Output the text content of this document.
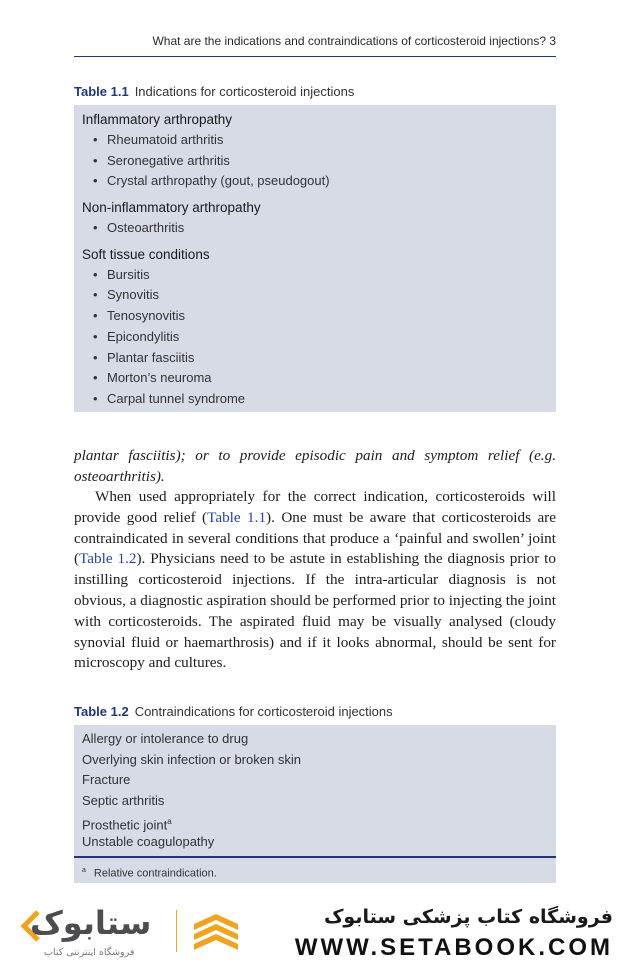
What are the indications and contraindications of corticosteroid injections? 3
Table 1.1 Indications for corticosteroid injections
Inflammatory arthropathy
• Rheumatoid arthritis
• Seronegative arthritis
• Crystal arthropathy (gout, pseudogout)
Non-inflammatory arthropathy
• Osteoarthritis
Soft tissue conditions
• Bursitis
• Synovitis
• Tenosynovitis
• Epicondylitis
• Plantar fasciitis
• Morton’s neuroma
• Carpal tunnel syndrome
plantar fasciitis); or to provide episodic pain and symptom relief (e.g. osteoarthritis).
When used appropriately for the correct indication, corticosteroids will provide good relief (Table 1.1). One must be aware that corticosteroids are contraindicated in several conditions that produce a ‘painful and swollen’ joint (Table 1.2). Physicians need to be astute in establishing the diagnosis prior to instilling corticosteroid injections. If the intra-articular diagnosis is not obvious, a diagnostic aspiration should be performed prior to injecting the joint with corticosteroids. The aspirated fluid may be visually analysed (cloudy synovial fluid or haemarthrosis) and if it looks abnormal, should be sent for microscopy and cultures.
Table 1.2 Contraindications for corticosteroid injections
Allergy or intolerance to drug
Overlying skin infection or broken skin
Fracture
Septic arthritis
Prosthetic joint$^a$
Unstable coagulopathy
$^a$ Relative contraindication.
ستابوک
فروشگاه اینترنتی کتاب
فروشگاه کتاب پزشکی ستابوک
WWW.SETABOOK.COM
